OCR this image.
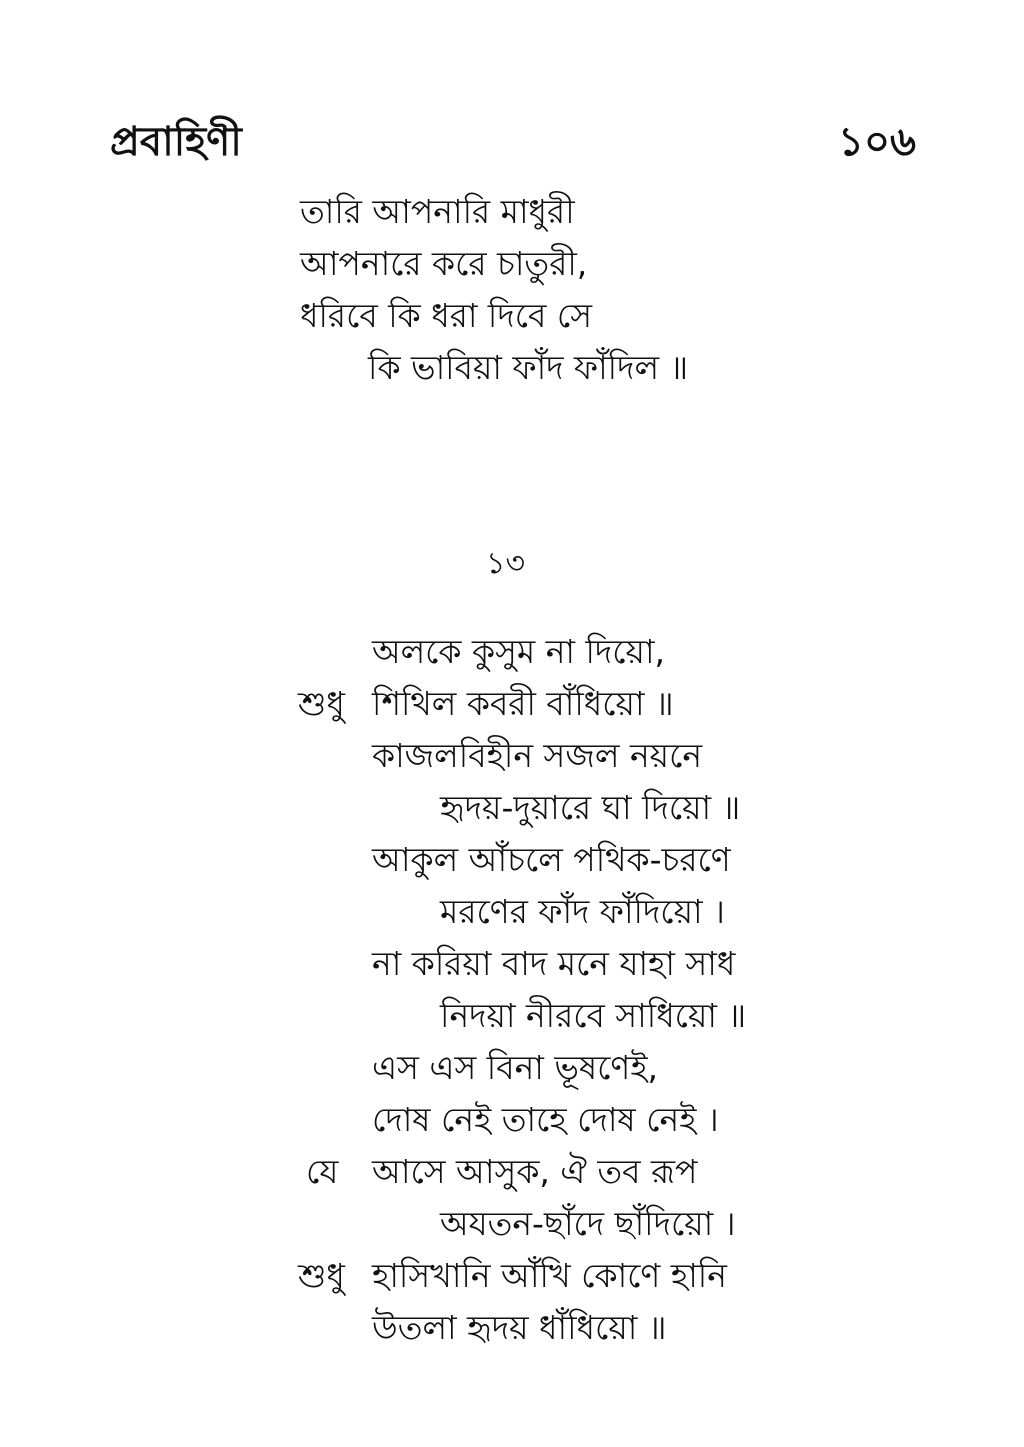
প্রবাহিণী	১০৬
তারি আপনারি মাধুরী
আপনারে করে চাতুরী,
ধরিবে কি ধরা দিবে সে
কি ভাবিয়া ফাঁদ ফাঁদিল ॥
১৩
অলকে কুসুম না দিয়ো,
শুধু শিথিল কবরী বাঁধিয়ো ॥
কাজলবিহীন সজল নয়নে
হৃদয়-দুয়ারে ঘা দিয়ো ॥
আকুল আঁচলে পথিক-চরণে
মরণের ফাঁদ ফাঁদিয়ো ।
না করিয়া বাদ মনে যাহা সাধ
নিদয়া নীরবে সাধিয়ো ॥
এস এস বিনা ভূষণেই,
দোষ নেই তাহে দোষ নেই ।
যে আসে আসুক, ঐ তব রূপ
অযতন-ছাঁদে ছাঁদিয়ো ।
শুধু হাসিখানি আঁখি কোণে হানি
উতলা হৃদয় ধাঁধিয়ো ॥
